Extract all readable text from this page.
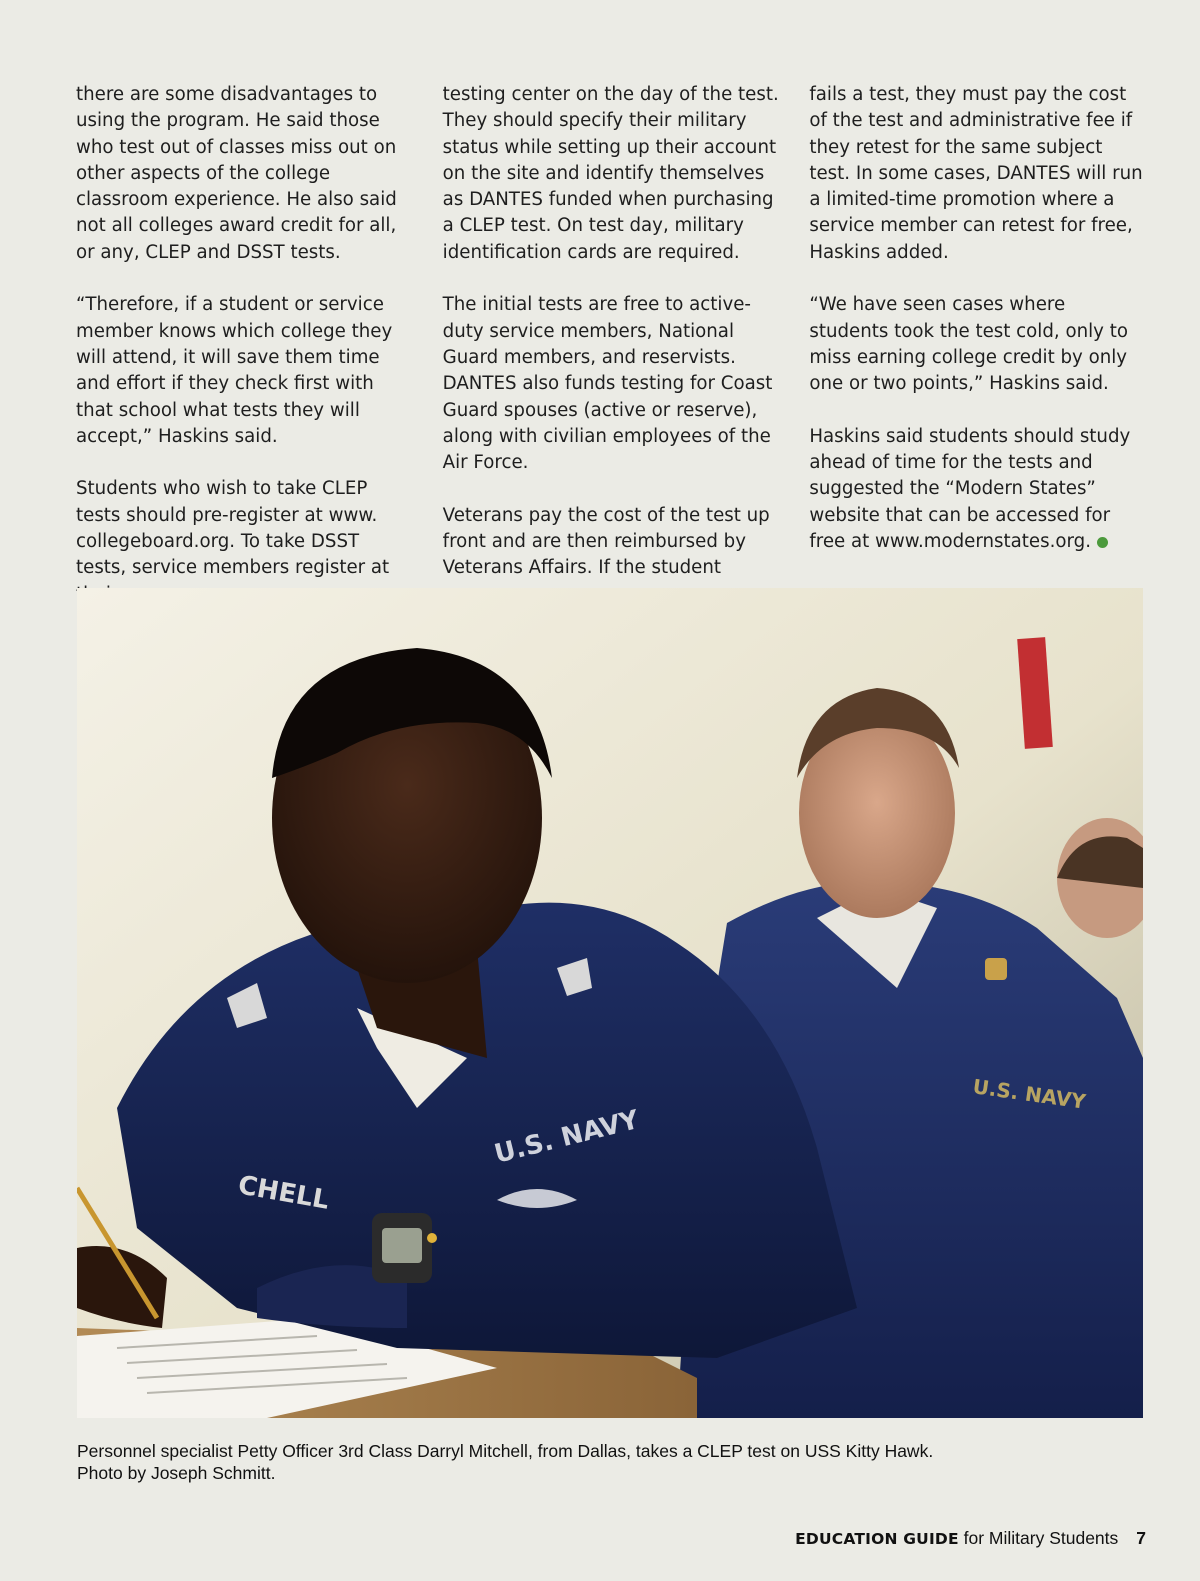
there are some disadvantages to using the program. He said those who test out of classes miss out on other aspects of the college classroom experience. He also said not all colleges award credit for all, or any, CLEP and DSST tests.

“Therefore, if a student or service member knows which college they will attend, it will save them time and effort if they check first with that school what tests they will accept,” Haskins said.

Students who wish to take CLEP tests should pre-register at www. collegeboard.org. To take DSST tests, service members register at

testing center on the day of the test. They should specify their military status while setting up their account on the site and identify themselves as DANTES funded when purchasing a CLEP test. On test day, military identification cards are required.

The initial tests are free to active-duty service members, National Guard members, and reservists. DANTES also funds testing for Coast Guard spouses (active or reserve), along with civilian employees of the Air Force.

Veterans pay the cost of the test up front and are then reimbursed by Veterans Affairs. If the student

fails a test, they must pay the cost of the test and administrative fee if they retest for the same subject test. In some cases, DANTES will run a limited-time promotion where a service member can retest for free, Haskins added.

“We have seen cases where students took the test cold, only to miss earning college credit by only one or two points,” Haskins said.

Haskins said students should study ahead of time for the tests and suggested the “Modern States” website that can be accessed for free at www.modernstates.org.

U.S. NAVY
CHELL
U.S. NAVY
Personnel specialist Petty Officer 3rd Class Darryl Mitchell, from Dallas, takes a CLEP test on USS Kitty Hawk.
Photo by Joseph Schmitt.
EDUCATION GUIDE for Military Students 7
